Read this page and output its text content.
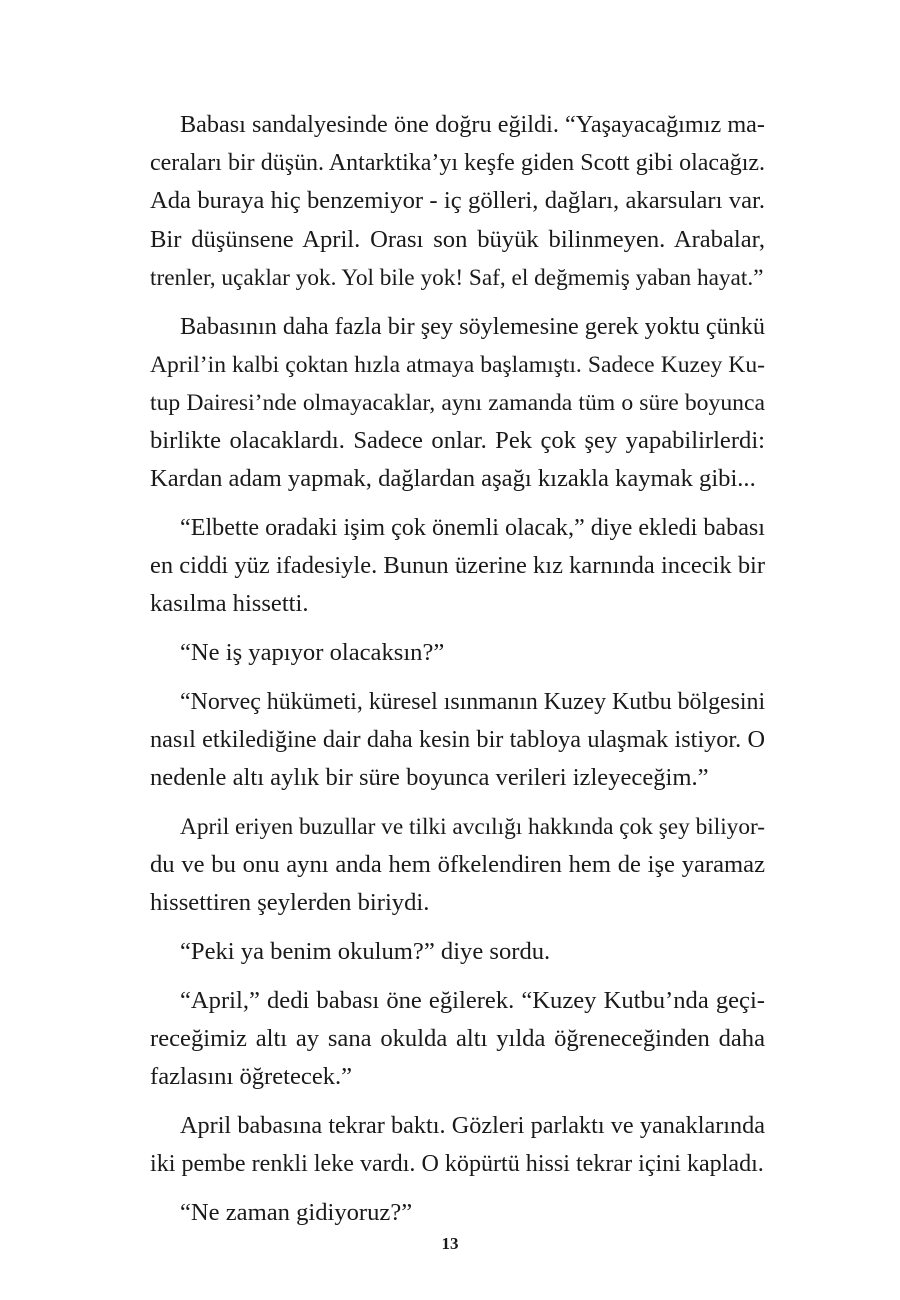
Babası sandalyesinde öne doğru eğildi. “Yaşayacağımız ma-
ceraları bir düşün. Antarktika’yı keşfe giden Scott gibi olacağız.
Ada buraya hiç benzemiyor - iç gölleri, dağları, akarsuları var.
Bir düşünsene April. Orası son büyük bilinmeyen. Arabalar,
trenler, uçaklar yok. Yol bile yok! Saf, el değmemiş yaban hayat.”
Babasının daha fazla bir şey söylemesine gerek yoktu çünkü
April’in kalbi çoktan hızla atmaya başlamıştı. Sadece Kuzey Ku-
tup Dairesi’nde olmayacaklar, aynı zamanda tüm o süre boyunca
birlikte olacaklardı. Sadece onlar. Pek çok şey yapabilirlerdi:
Kardan adam yapmak, dağlardan aşağı kızakla kaymak gibi...
“Elbette oradaki işim çok önemli olacak,” diye ekledi babası
en ciddi yüz ifadesiyle. Bunun üzerine kız karnında incecik bir
kasılma hissetti.
“Ne iş yapıyor olacaksın?”
“Norveç hükümeti, küresel ısınmanın Kuzey Kutbu bölgesini
nasıl etkilediğine dair daha kesin bir tabloya ulaşmak istiyor. O
nedenle altı aylık bir süre boyunca verileri izleyeceğim.”
April eriyen buzullar ve tilki avcılığı hakkında çok şey biliyor-
du ve bu onu aynı anda hem öfkelendiren hem de işe yaramaz
hissettiren şeylerden biriydi.
“Peki ya benim okulum?” diye sordu.
“April,” dedi babası öne eğilerek. “Kuzey Kutbu’nda geçi-
receğimiz altı ay sana okulda altı yılda öğreneceğinden daha
fazlasını öğretecek.”
April babasına tekrar baktı. Gözleri parlaktı ve yanaklarında
iki pembe renkli leke vardı. O köpürtü hissi tekrar içini kapladı.
“Ne zaman gidiyoruz?”
13
